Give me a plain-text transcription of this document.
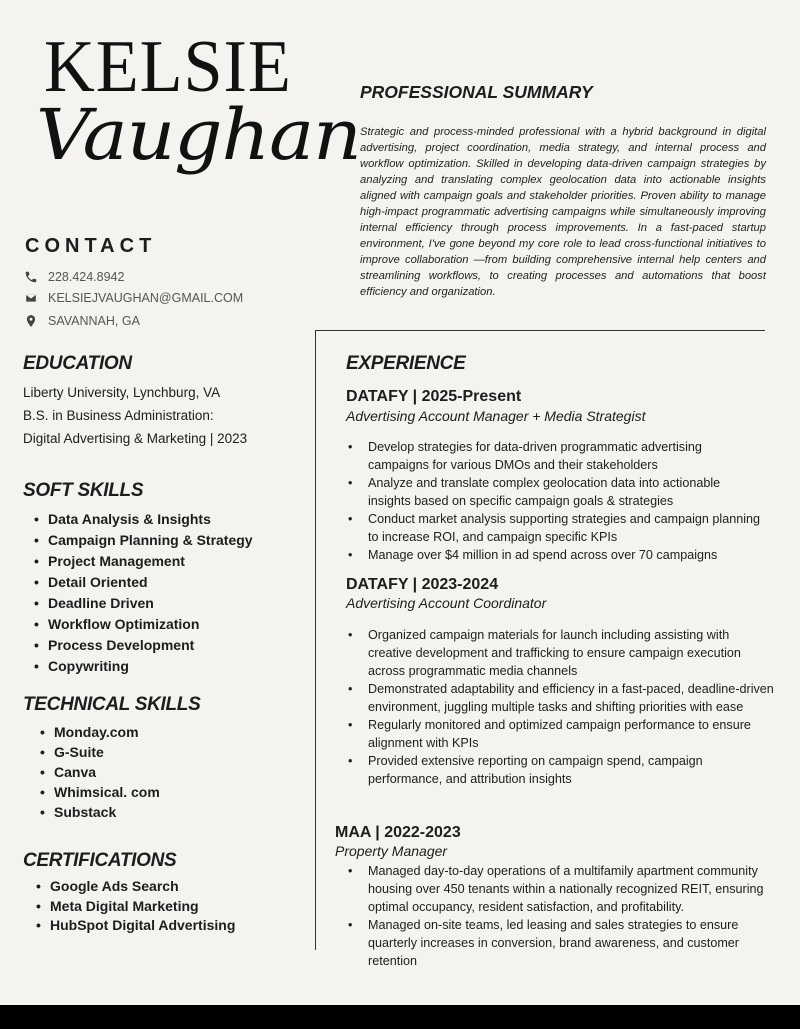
KELSIE
Vaughan
CONTACT
228.424.8942
KELSIEJVAUGHAN@GMAIL.COM
SAVANNAH, GA
PROFESSIONAL SUMMARY
Strategic and process-minded professional with a hybrid background in digital advertising, project coordination, media strategy, and internal process and workflow optimization. Skilled in developing data-driven campaign strategies by analyzing and translating complex geolocation data into actionable insights aligned with campaign goals and stakeholder priorities. Proven ability to manage high-impact programmatic advertising campaigns while simultaneously improving internal efficiency through process improvements. In a fast-paced startup environment, I've gone beyond my core role to lead cross-functional initiatives to improve collaboration —from building comprehensive internal help centers and streamlining workflows, to creating processes and automations that boost efficiency and organization.
EDUCATION
Liberty University, Lynchburg, VA
B.S. in Business Administration:
Digital Advertising & Marketing | 2023
SOFT SKILLS
• Data Analysis & Insights
• Campaign Planning & Strategy
• Project Management
• Detail Oriented
• Deadline Driven
• Workflow Optimization
• Process Development
• Copywriting
TECHNICAL SKILLS
• Monday.com
• G-Suite
• Canva
• Whimsical. com
• Substack
CERTIFICATIONS
• Google Ads Search
• Meta Digital Marketing
• HubSpot Digital Advertising
EXPERIENCE
DATAFY | 2025-Present
Advertising Account Manager + Media Strategist
• Develop strategies for data-driven programmatic advertising campaigns for various DMOs and their stakeholders
• Analyze and translate complex geolocation data into actionable insights based on specific campaign goals & strategies
• Conduct market analysis supporting strategies and campaign planning to increase ROI, and campaign specific KPIs
• Manage over $4 million in ad spend across over 70 campaigns
DATAFY | 2023-2024
Advertising Account Coordinator
• Organized campaign materials for launch including assisting with creative development and trafficking to ensure campaign execution across programmatic media channels
• Demonstrated adaptability and efficiency in a fast-paced, deadline-driven environment, juggling multiple tasks and shifting priorities with ease
• Regularly monitored and optimized campaign performance to ensure alignment with KPIs
• Provided extensive reporting on campaign spend, campaign performance, and attribution insights
MAA | 2022-2023
Property Manager
• Managed day-to-day operations of a multifamily apartment community housing over 450 tenants within a nationally recognized REIT, ensuring optimal occupancy, resident satisfaction, and profitability.
• Managed on-site teams, led leasing and sales strategies to ensure quarterly increases in conversion, brand awareness, and customer retention
